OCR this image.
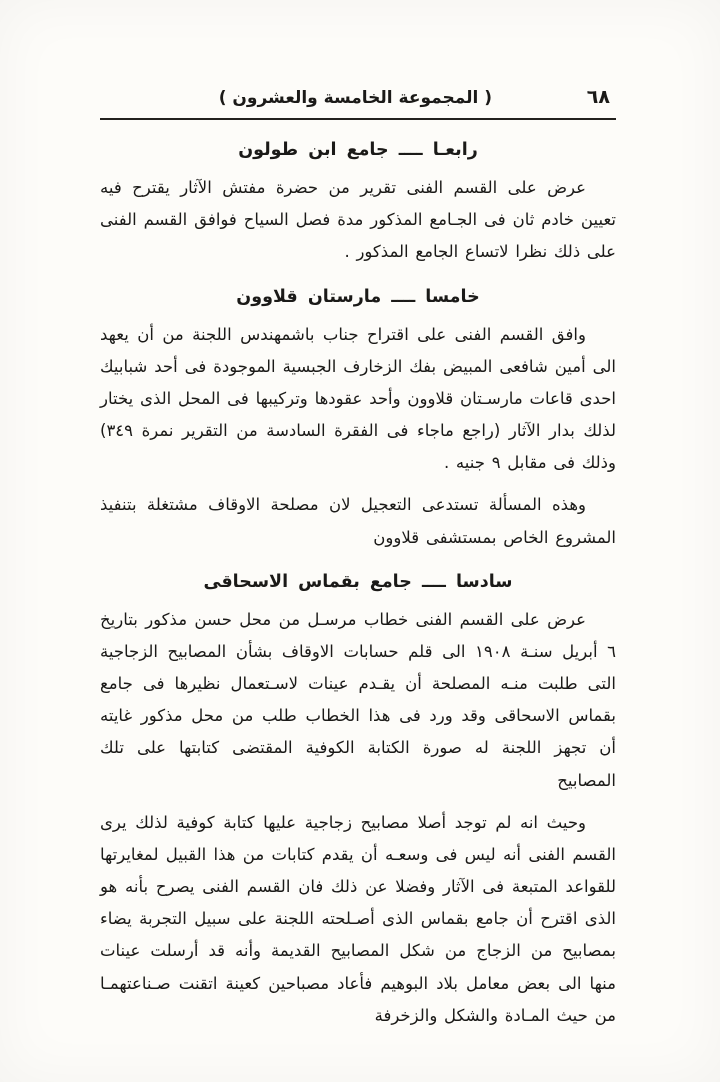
٦٨
( المجموعة الخامسة والعشرون )
رابعـا ــــ جامع ابن طولون

عرض على القسم الفنى تقرير من حضرة مفتش الآثار يقترح فيه تعيين خادم ثان فى الجـامع المذكور مدة فصل السياح فوافق القسم الفنى على ذلك نظرا لاتساع الجامع المذكور .

خامسا ــــ مارستان قلاوون

وافق القسم الفنى على اقتراح جناب باشمهندس اللجنة من أن يعهد الى أمين شافعى المبيض بفك الزخارف الجبسية الموجودة فى أحد شبابيك احدى قاعات مارسـتان قلاوون وأحد عقودها وتركيبها فى المحل الذى يختار لذلك بدار الآثار (راجع ماجاء فى الفقرة السادسة من التقرير نمرة ٣٤٩) وذلك فى مقابل ٩ جنيه .

وهذه المسألة تستدعى التعجيل لان مصلحة الاوقاف مشتغلة بتنفيذ المشروع الخاص بمستشفى قلاوون

سادسا ــــ جامع بقماس الاسحاقى

عرض على القسم الفنى خطاب مرسـل من محل حسن مذكور بتاريخ ٦ أبريل سنـة ١٩٠٨ الى قلم حسابات الاوقاف بشأن المصابيح الزجاجية التى طلبت منـه المصلحة أن يقـدم عينات لاسـتعمال نظيرها فى جامع بقماس الاسحاقى وقد ورد فى هذا الخطاب طلب من محل مذكور غايته أن تجهز اللجنة له صورة الكتابة الكوفية المقتضى كتابتها على تلك المصابيح

وحيث انه لم توجد أصلا مصابيح زجاجية عليها كتابة كوفية لذلك يرى القسم الفنى أنه ليس فى وسعـه أن يقدم كتابات من هذا القبيل لمغايرتها للقواعد المتبعة فى الآثار وفضلا عن ذلك فان القسم الفنى يصرح بأنه هو الذى اقترح أن جامع بقماس الذى أصـلحته اللجنة على سبيل التجربة يضاء بمصابيح من الزجاج من شكل المصابيح القديمة وأنه قد أرسلت عينات منها الى بعض معامل بلاد البوهيم فأعاد مصباحين كعينة اتقنت صـناعتهمـا من حيث المـادة والشكل والزخرفة
